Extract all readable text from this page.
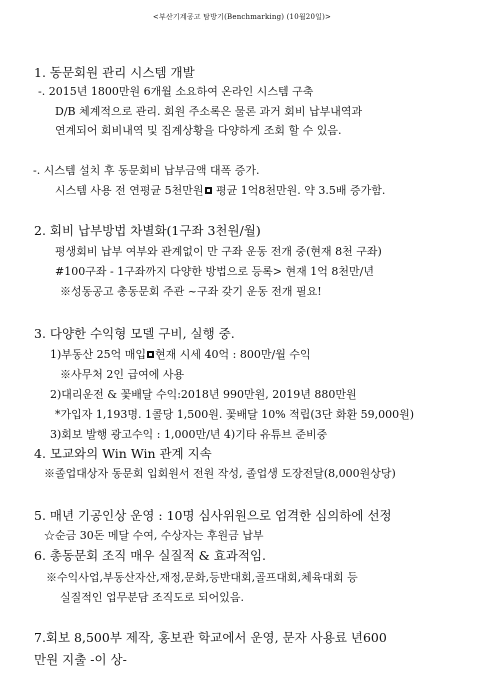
<부산기계공고 탐방기(Benchmarking) (10월20일)>
1. 동문회원 관리 시스템 개발
-. 2015년 1800만원 6개월 소요하여 온라인 시스템 구축
D/B 체계적으로 관리. 회원 주소록은 물론 과거 회비 납부내역과
연계되어 회비내역 및 집계상황을 다양하게 조회 할 수 있음.
-. 시스템 설치 후 동문회비 납부금액 대폭 증가.
시스템 사용 전 연평균 5천만원 평균 1억8천만원. 약 3.5배 증가함.
2. 회비 납부방법 차별화(1구좌 3천원/월)
평생회비 납부 여부와 관계없이 만 구좌 운동 전개 중(현재 8천 구좌)
#100구좌 - 1구좌까지 다양한 방법으로 등록> 현재 1억 8천만/년
※성동공고 총동문회 주관 ~구좌 갖기 운동 전개 필요!
3. 다양한 수익형 모델 구비, 실행 중.
1)부동산 25억 매입 현재 시세 40억 : 800만/월 수익
※사무처 2인 급여에 사용
2)대리운전 & 꽃배달 수익:2018년 990만원, 2019년 880만원
*가입자 1,193명. 1콜당 1,500원. 꽃배달 10% 적립(3단 화환 59,000원)
3)회보 발행 광고수익 : 1,000만/년 4)기타 유튜브 준비중
4. 모교와의 Win Win 관계 지속
※졸업대상자 동문회 입회원서 전원 작성, 졸업생 도장전달(8,000원상당)
5. 매년 기공인상 운영 : 10명 심사위원으로 엄격한 심의하에 선정
☆순금 30돈 메달 수여, 수상자는 후원금 납부
6. 총동문회 조직 매우 실질적 & 효과적임.
※수익사업,부동산자산,재정,문화,등반대회,골프대회,체육대회 등
실질적인 업무분담 조직도로 되어있음.
7.회보 8,500부 제작, 홍보관 학교에서 운영, 문자 사용료 년600
만원 지출 -이 상-
